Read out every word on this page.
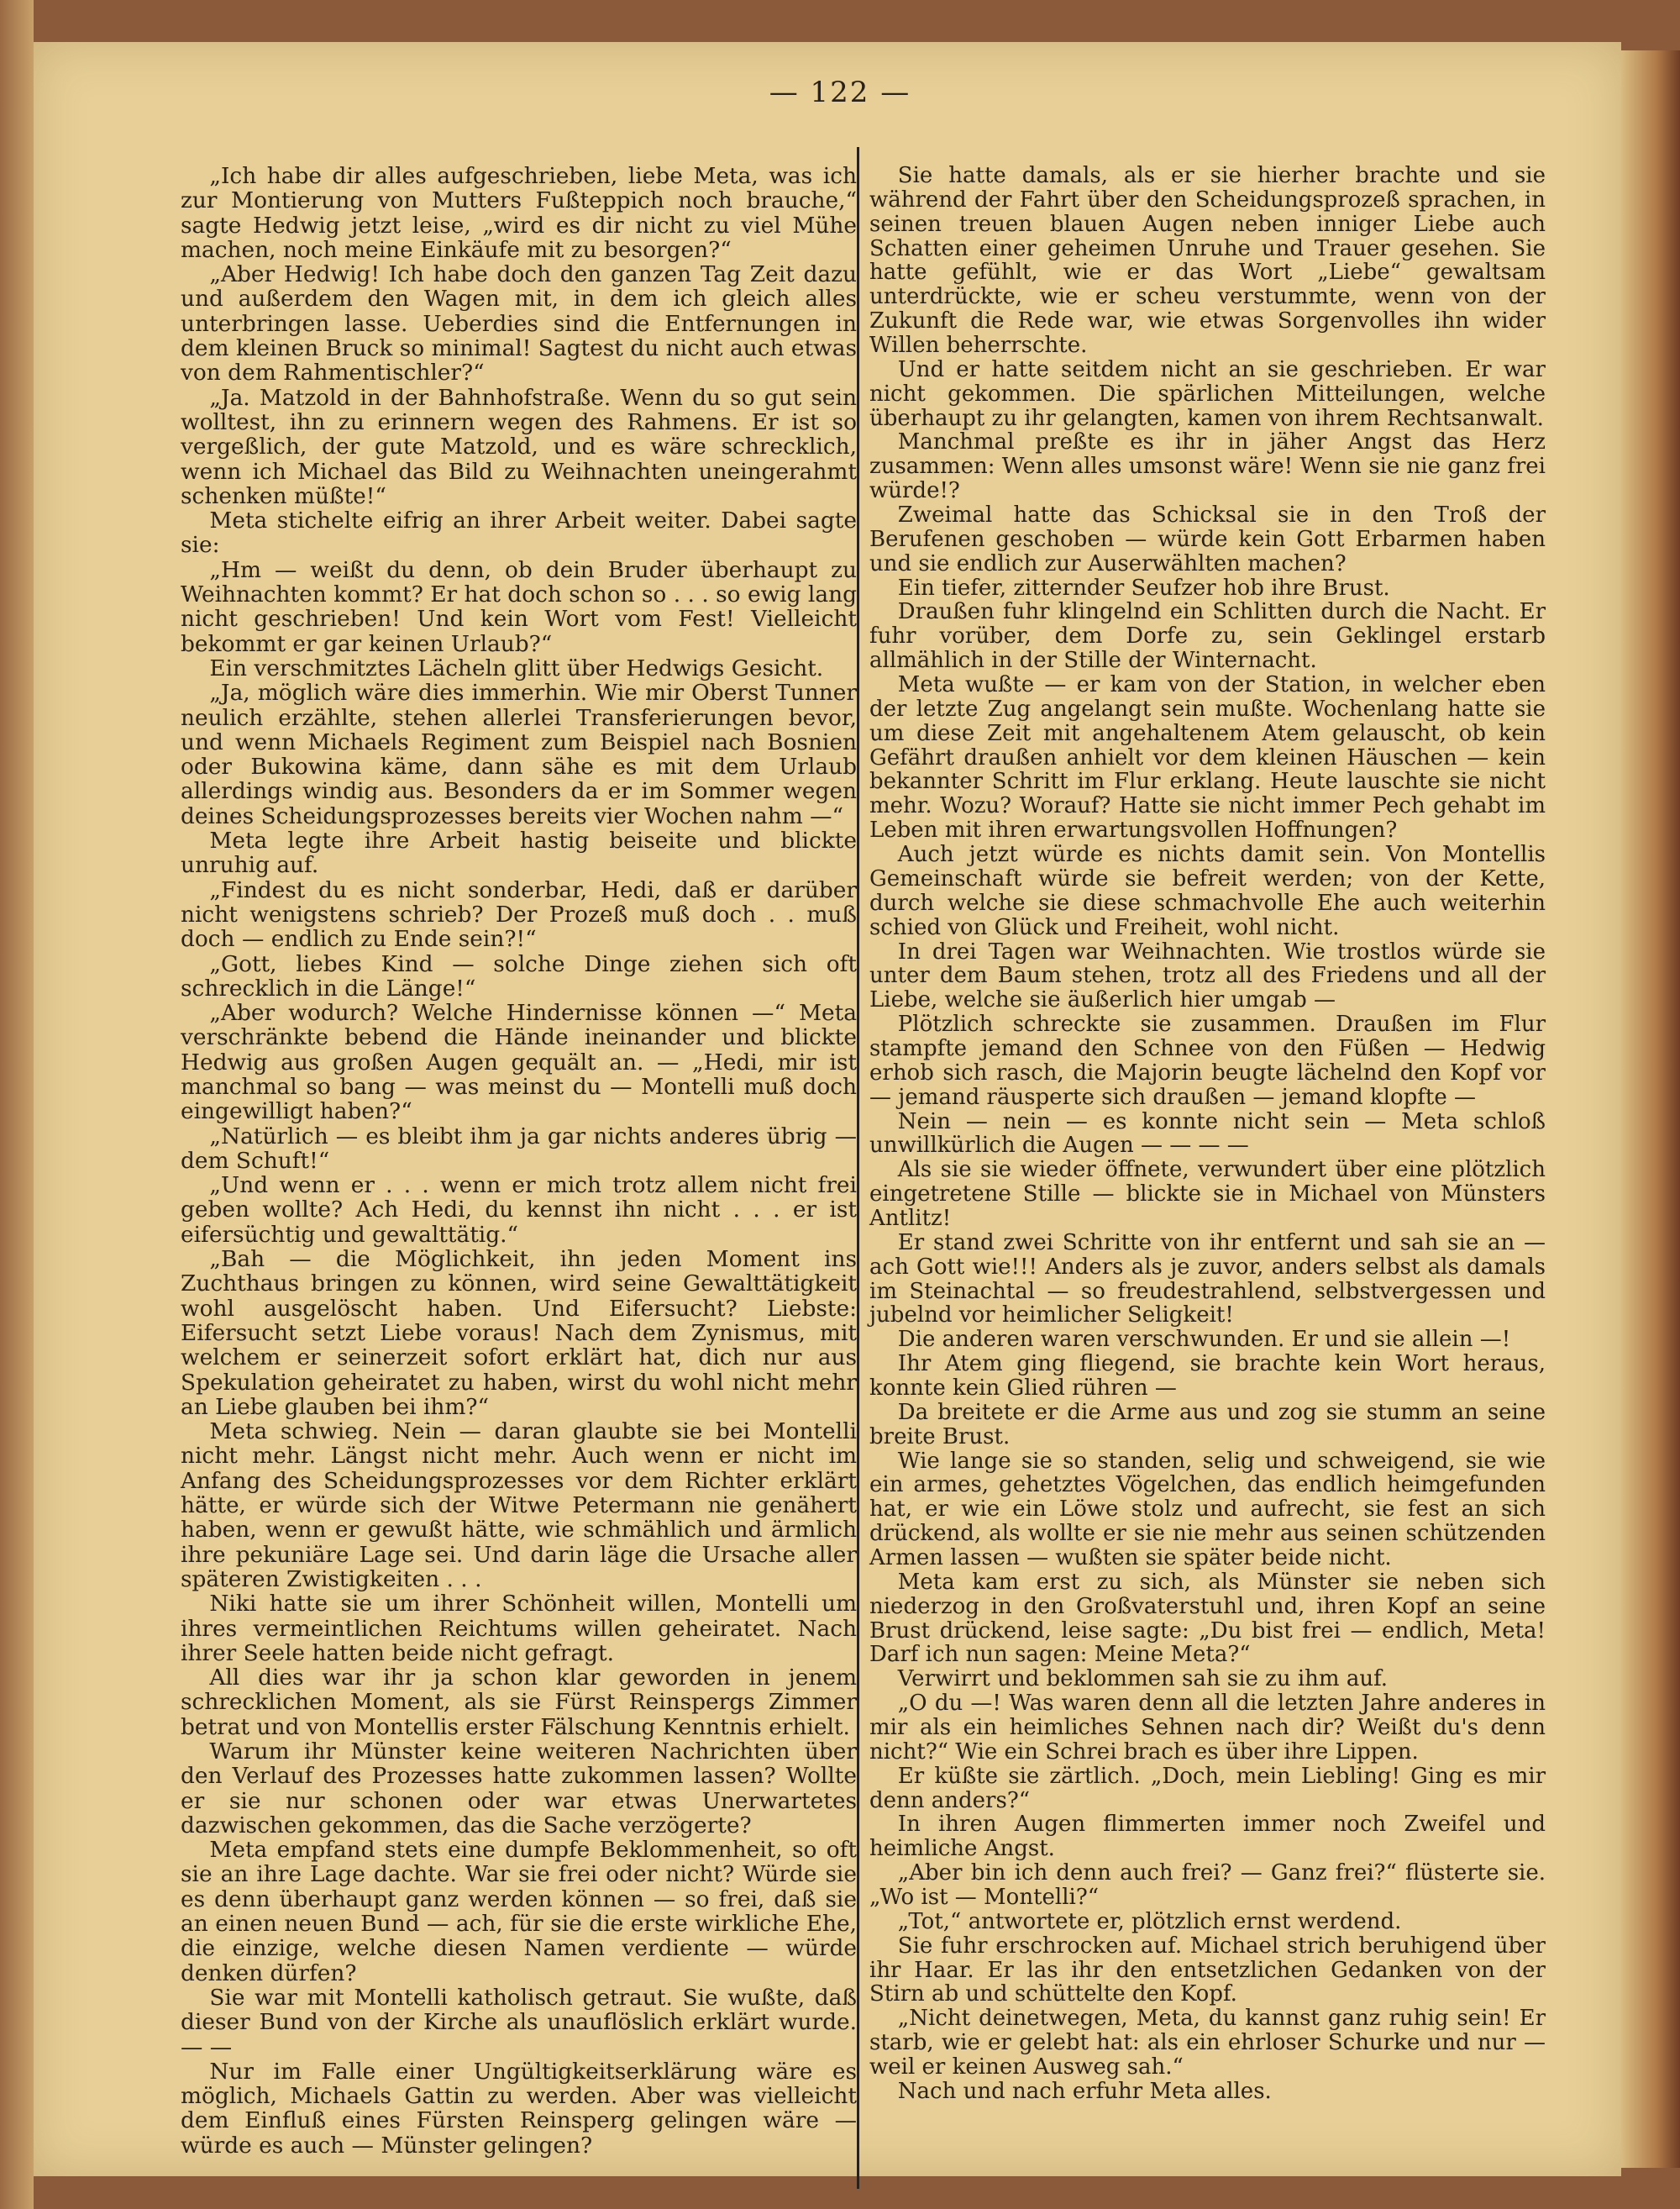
— 122 —

„Ich habe dir alles aufgeschrieben, liebe Meta, was ich zur Montierung von Mutters Fußteppich noch brauche,“ sagte Hedwig jetzt leise, „wird es dir nicht zu viel Mühe machen, noch meine Einkäufe mit zu besorgen?“

„Aber Hedwig! Ich habe doch den ganzen Tag Zeit dazu und außerdem den Wagen mit, in dem ich gleich alles unterbringen lasse. Ueberdies sind die Entfernungen in dem kleinen Bruck so minimal! Sagtest du nicht auch etwas von dem Rahmentischler?“

„Ja. Matzold in der Bahnhofstraße. Wenn du so gut sein wolltest, ihn zu erinnern wegen des Rahmens. Er ist so vergeßlich, der gute Matzold, und es wäre schrecklich, wenn ich Michael das Bild zu Weihnachten uneingerahmt schenken müßte!“

Meta stichelte eifrig an ihrer Arbeit weiter. Dabei sagte sie:

„Hm — weißt du denn, ob dein Bruder überhaupt zu Weihnachten kommt? Er hat doch schon so . . . so ewig lang nicht geschrieben! Und kein Wort vom Fest! Vielleicht bekommt er gar keinen Urlaub?“

Ein verschmitztes Lächeln glitt über Hedwigs Gesicht.

„Ja, möglich wäre dies immerhin. Wie mir Oberst Tunner neulich erzählte, stehen allerlei Transferierungen bevor, und wenn Michaels Regiment zum Beispiel nach Bosnien oder Bukowina käme, dann sähe es mit dem Urlaub allerdings windig aus. Besonders da er im Sommer wegen deines Scheidungsprozesses bereits vier Wochen nahm —“

Meta legte ihre Arbeit hastig beiseite und blickte unruhig auf.

„Findest du es nicht sonderbar, Hedi, daß er darüber nicht wenigstens schrieb? Der Prozeß muß doch . . muß doch — endlich zu Ende sein?!“

„Gott, liebes Kind — solche Dinge ziehen sich oft schrecklich in die Länge!“

„Aber wodurch? Welche Hindernisse können —“ Meta verschränkte bebend die Hände ineinander und blickte Hedwig aus großen Augen gequält an. — „Hedi, mir ist manchmal so bang — was meinst du — Montelli muß doch eingewilligt haben?“

„Natürlich — es bleibt ihm ja gar nichts anderes übrig — dem Schuft!“

„Und wenn er . . . wenn er mich trotz allem nicht frei geben wollte? Ach Hedi, du kennst ihn nicht . . . er ist eifersüchtig und gewalttätig.“

„Bah — die Möglichkeit, ihn jeden Moment ins Zuchthaus bringen zu können, wird seine Gewalttätigkeit wohl ausgelöscht haben. Und Eifersucht? Liebste: Eifersucht setzt Liebe voraus! Nach dem Zynismus, mit welchem er seinerzeit sofort erklärt hat, dich nur aus Spekulation geheiratet zu haben, wirst du wohl nicht mehr an Liebe glauben bei ihm?“

Meta schwieg. Nein — daran glaubte sie bei Montelli nicht mehr. Längst nicht mehr. Auch wenn er nicht im Anfang des Scheidungsprozesses vor dem Richter erklärt hätte, er würde sich der Witwe Petermann nie genähert haben, wenn er gewußt hätte, wie schmählich und ärmlich ihre pekuniäre Lage sei. Und darin läge die Ursache aller späteren Zwistigkeiten . . .

Niki hatte sie um ihrer Schönheit willen, Montelli um ihres vermeintlichen Reichtums willen geheiratet. Nach ihrer Seele hatten beide nicht gefragt.

All dies war ihr ja schon klar geworden in jenem schrecklichen Moment, als sie Fürst Reinspergs Zimmer betrat und von Montellis erster Fälschung Kenntnis erhielt.

Warum ihr Münster keine weiteren Nachrichten über den Verlauf des Prozesses hatte zukommen lassen? Wollte er sie nur schonen oder war etwas Unerwartetes dazwischen gekommen, das die Sache verzögerte?

Meta empfand stets eine dumpfe Beklommenheit, so oft sie an ihre Lage dachte. War sie frei oder nicht? Würde sie es denn überhaupt ganz werden können — so frei, daß sie an einen neuen Bund — ach, für sie die erste wirkliche Ehe, die einzige, welche diesen Namen verdiente — würde denken dürfen?

Sie war mit Montelli katholisch getraut. Sie wußte, daß dieser Bund von der Kirche als unauflöslich erklärt wurde. — —

Nur im Falle einer Ungültigkeitserklärung wäre es möglich, Michaels Gattin zu werden. Aber was vielleicht dem Einfluß eines Fürsten Reinsperg gelingen wäre — würde es auch — Münster gelingen?

Sie hatte damals, als er sie hierher brachte und sie während der Fahrt über den Scheidungsprozeß sprachen, in seinen treuen blauen Augen neben inniger Liebe auch Schatten einer geheimen Unruhe und Trauer gesehen. Sie hatte gefühlt, wie er das Wort „Liebe“ gewaltsam unterdrückte, wie er scheu verstummte, wenn von der Zukunft die Rede war, wie etwas Sorgenvolles ihn wider Willen beherrschte.

Und er hatte seitdem nicht an sie geschrieben. Er war nicht gekommen. Die spärlichen Mitteilungen, welche überhaupt zu ihr gelangten, kamen von ihrem Rechtsanwalt.

Manchmal preßte es ihr in jäher Angst das Herz zusammen: Wenn alles umsonst wäre! Wenn sie nie ganz frei würde!?

Zweimal hatte das Schicksal sie in den Troß der Berufenen geschoben — würde kein Gott Erbarmen haben und sie endlich zur Auserwählten machen?

Ein tiefer, zitternder Seufzer hob ihre Brust.

Draußen fuhr klingelnd ein Schlitten durch die Nacht. Er fuhr vorüber, dem Dorfe zu, sein Geklingel erstarb allmählich in der Stille der Winternacht.

Meta wußte — er kam von der Station, in welcher eben der letzte Zug angelangt sein mußte. Wochenlang hatte sie um diese Zeit mit angehaltenem Atem gelauscht, ob kein Gefährt draußen anhielt vor dem kleinen Häuschen — kein bekannter Schritt im Flur erklang. Heute lauschte sie nicht mehr. Wozu? Worauf? Hatte sie nicht immer Pech gehabt im Leben mit ihren erwartungsvollen Hoffnungen?

Auch jetzt würde es nichts damit sein. Von Montellis Gemeinschaft würde sie befreit werden; von der Kette, durch welche sie diese schmachvolle Ehe auch weiterhin schied von Glück und Freiheit, wohl nicht.

In drei Tagen war Weihnachten. Wie trostlos würde sie unter dem Baum stehen, trotz all des Friedens und all der Liebe, welche sie äußerlich hier umgab —

Plötzlich schreckte sie zusammen. Draußen im Flur stampfte jemand den Schnee von den Füßen — Hedwig erhob sich rasch, die Majorin beugte lächelnd den Kopf vor — jemand räusperte sich draußen — jemand klopfte —

Nein — nein — es konnte nicht sein — Meta schloß unwillkürlich die Augen — — — —

Als sie sie wieder öffnete, verwundert über eine plötzlich eingetretene Stille — blickte sie in Michael von Münsters Antlitz!

Er stand zwei Schritte von ihr entfernt und sah sie an — ach Gott wie!!! Anders als je zuvor, anders selbst als damals im Steinachtal — so freudestrahlend, selbstvergessen und jubelnd vor heimlicher Seligkeit!

Die anderen waren verschwunden. Er und sie allein —!

Ihr Atem ging fliegend, sie brachte kein Wort heraus, konnte kein Glied rühren —

Da breitete er die Arme aus und zog sie stumm an seine breite Brust.

Wie lange sie so standen, selig und schweigend, sie wie ein armes, gehetztes Vögelchen, das endlich heimgefunden hat, er wie ein Löwe stolz und aufrecht, sie fest an sich drückend, als wollte er sie nie mehr aus seinen schützenden Armen lassen — wußten sie später beide nicht.

Meta kam erst zu sich, als Münster sie neben sich niederzog in den Großvaterstuhl und, ihren Kopf an seine Brust drückend, leise sagte: „Du bist frei — endlich, Meta! Darf ich nun sagen: Meine Meta?“

Verwirrt und beklommen sah sie zu ihm auf.

„O du —! Was waren denn all die letzten Jahre anderes in mir als ein heimliches Sehnen nach dir? Weißt du's denn nicht?“ Wie ein Schrei brach es über ihre Lippen.

Er küßte sie zärtlich. „Doch, mein Liebling! Ging es mir denn anders?“

In ihren Augen flimmerten immer noch Zweifel und heimliche Angst.

„Aber bin ich denn auch frei? — Ganz frei?“ flüsterte sie. „Wo ist — Montelli?“

„Tot,“ antwortete er, plötzlich ernst werdend.

Sie fuhr erschrocken auf. Michael strich beruhigend über ihr Haar. Er las ihr den entsetzlichen Gedanken von der Stirn ab und schüttelte den Kopf.

„Nicht deinetwegen, Meta, du kannst ganz ruhig sein! Er starb, wie er gelebt hat: als ein ehrloser Schurke und nur — weil er keinen Ausweg sah.“

Nach und nach erfuhr Meta alles.
